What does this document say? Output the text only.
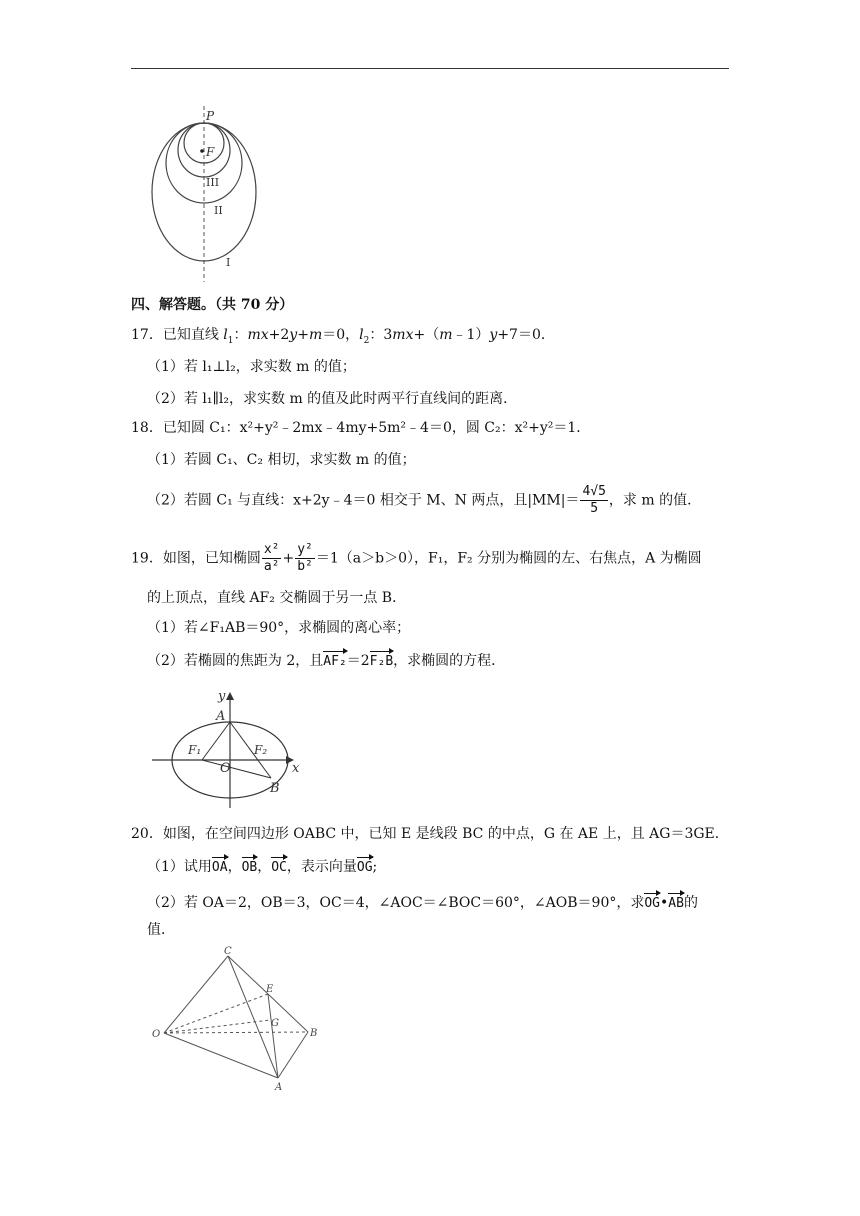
P
F
III
II
I
四、解答题。（共 70 分）
17．已知直线 $l_1$：mx+2y+m＝0，$l_2$：3mx+（m﹣1）y+7＝0．
（1）若 l₁⊥l₂，求实数 m 的值；
（2）若 l₁∥l₂，求实数 m 的值及此时两平行直线间的距离．
18．已知圆 C₁：x²+y²﹣2mx﹣4my+5m²﹣4＝0，圆 C₂：x²+y²＝1．
（1）若圆 C₁、C₂ 相切，求实数 m 的值；
（2）若圆 C₁ 与直线：x+2y﹣4＝0 相交于 M、N 两点，且$|MM|= \frac{4√5}{5}$ ，求 m 的值．
19．如图，已知椭圆 $\frac{\text{x²}}{\text{a²}} + \frac{\text{y²}}{\text{b²}} =1(a>b>0)$，F₁，F₂ 分别为椭圆的左、右焦点，A 为椭圆
的上顶点，直线 AF₂ 交椭圆于另一点 B．
（1）若∠F₁AB＝90°，求椭圆的离心率；
（2）若椭圆的焦距为 2，且AF₂＝2F₂B，求椭圆的方程．
y
A
F₁	F₂
O	x
B
20．如图，在空间四边形 OABC 中，已知 E 是线段 BC 的中点，G 在 AE 上，且 AG＝3GE．
（1）试用OA，OB，OC，表示向量OG;
（2）若 OA＝2，OB＝3，OC＝4，∠AOC＝∠BOC＝60°，∠AOB＝90°，求OG•AB的
值．
C
E
G
O	B
A
